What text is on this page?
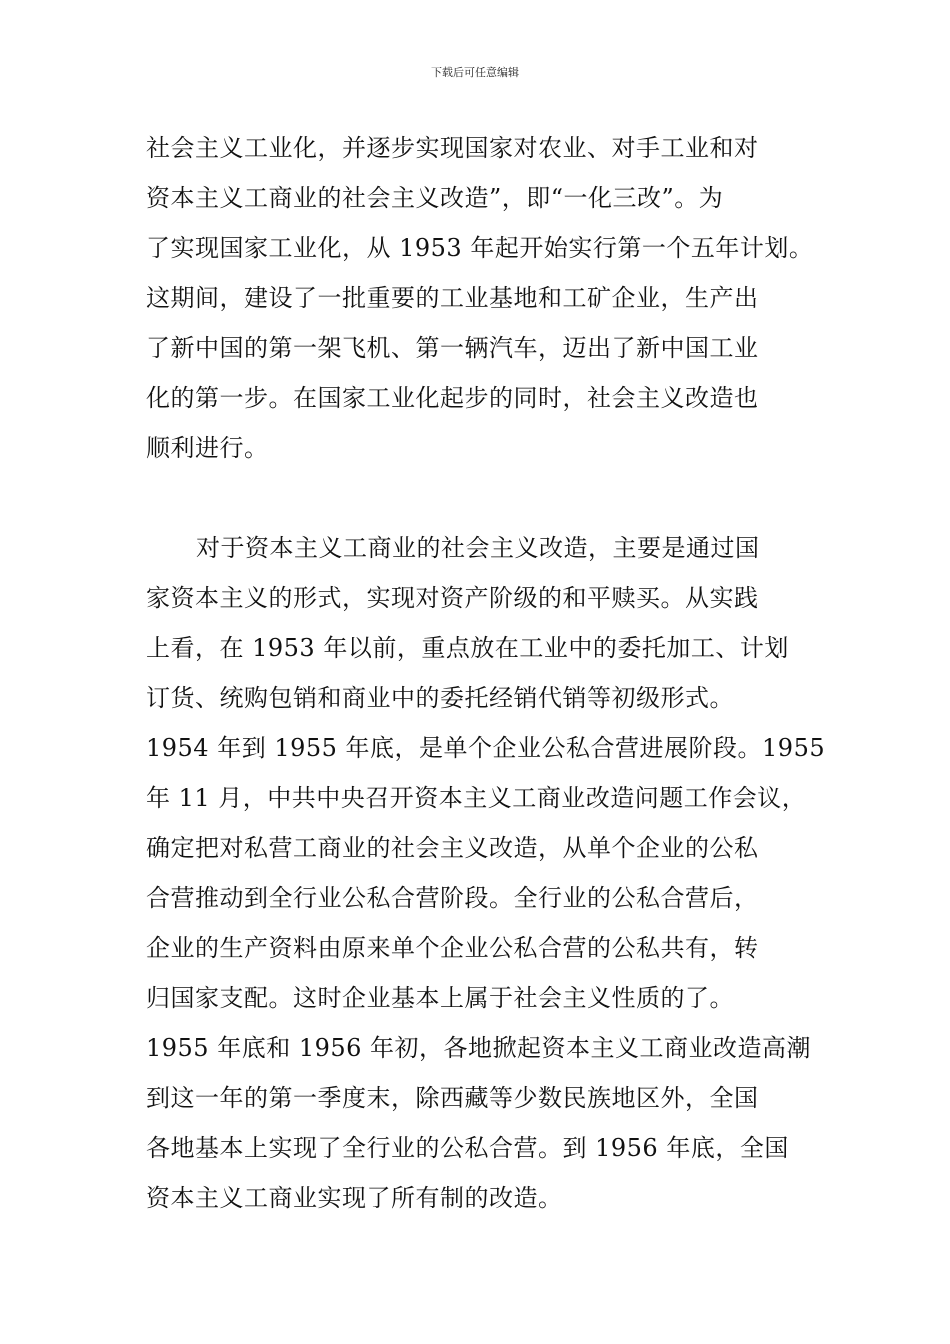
下载后可任意编辑
社会主义工业化，并逐步实现国家对农业、对手工业和对
资本主义工商业的社会主义改造”，即“一化三改”。为
了实现国家工业化，从 1953 年起开始实行第一个五年计划。
这期间，建设了一批重要的工业基地和工矿企业，生产出
了新中国的第一架飞机、第一辆汽车，迈出了新中国工业
化的第一步。在国家工业化起步的同时，社会主义改造也
顺利进行。
对于资本主义工商业的社会主义改造，主要是通过国
家资本主义的形式，实现对资产阶级的和平赎买。从实践
上看，在 1953 年以前，重点放在工业中的委托加工、计划
订货、统购包销和商业中的委托经销代销等初级形式。
1954 年到 1955 年底，是单个企业公私合营进展阶段。1955
年 11 月，中共中央召开资本主义工商业改造问题工作会议，
确定把对私营工商业的社会主义改造，从单个企业的公私
合营推动到全行业公私合营阶段。全行业的公私合营后，
企业的生产资料由原来单个企业公私合营的公私共有，转
归国家支配。这时企业基本上属于社会主义性质的了。
1955 年底和 1956 年初，各地掀起资本主义工商业改造高潮
到这一年的第一季度末，除西藏等少数民族地区外，全国
各地基本上实现了全行业的公私合营。到 1956 年底，全国
资本主义工商业实现了所有制的改造。
